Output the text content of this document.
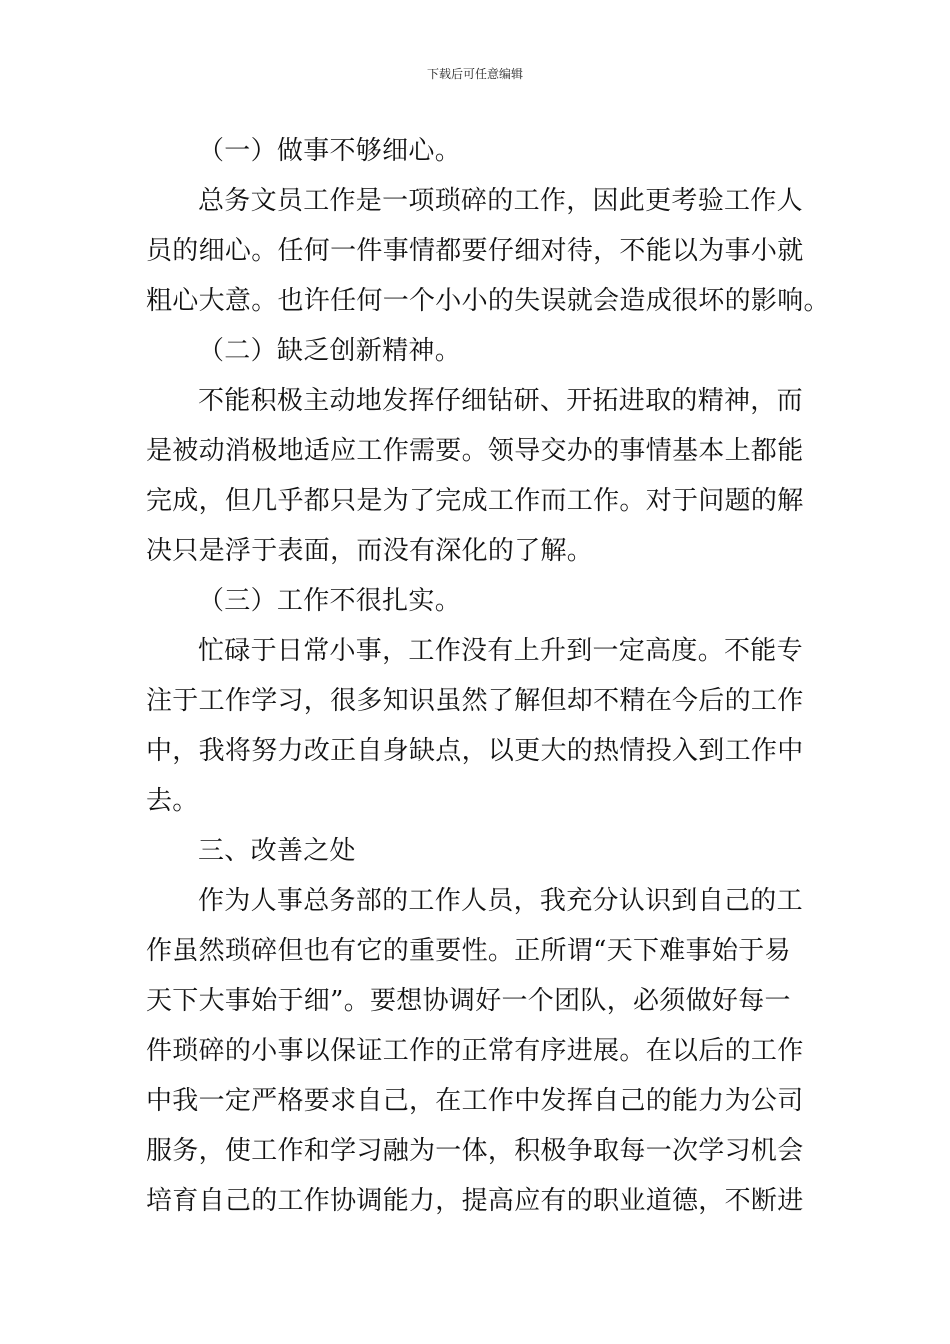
下载后可任意编辑
（一）做事不够细心。
总务文员工作是一项琐碎的工作，因此更考验工作人
员的细心。任何一件事情都要仔细对待，不能以为事小就
粗心大意。也许任何一个小小的失误就会造成很坏的影响。
（二）缺乏创新精神。
不能积极主动地发挥仔细钻研、开拓进取的精神，而
是被动消极地适应工作需要。领导交办的事情基本上都能
完成，但几乎都只是为了完成工作而工作。对于问题的解
决只是浮于表面，而没有深化的了解。
（三）工作不很扎实。
忙碌于日常小事，工作没有上升到一定高度。不能专
注于工作学习，很多知识虽然了解但却不精在今后的工作
中，我将努力改正自身缺点，以更大的热情投入到工作中
去。
三、改善之处
作为人事总务部的工作人员，我充分认识到自己的工
作虽然琐碎但也有它的重要性。正所谓“天下难事始于易
天下大事始于细”。要想协调好一个团队，必须做好每一
件琐碎的小事以保证工作的正常有序进展。在以后的工作
中我一定严格要求自己，在工作中发挥自己的能力为公司
服务，使工作和学习融为一体，积极争取每一次学习机会
培育自己的工作协调能力，提高应有的职业道德，不断进
